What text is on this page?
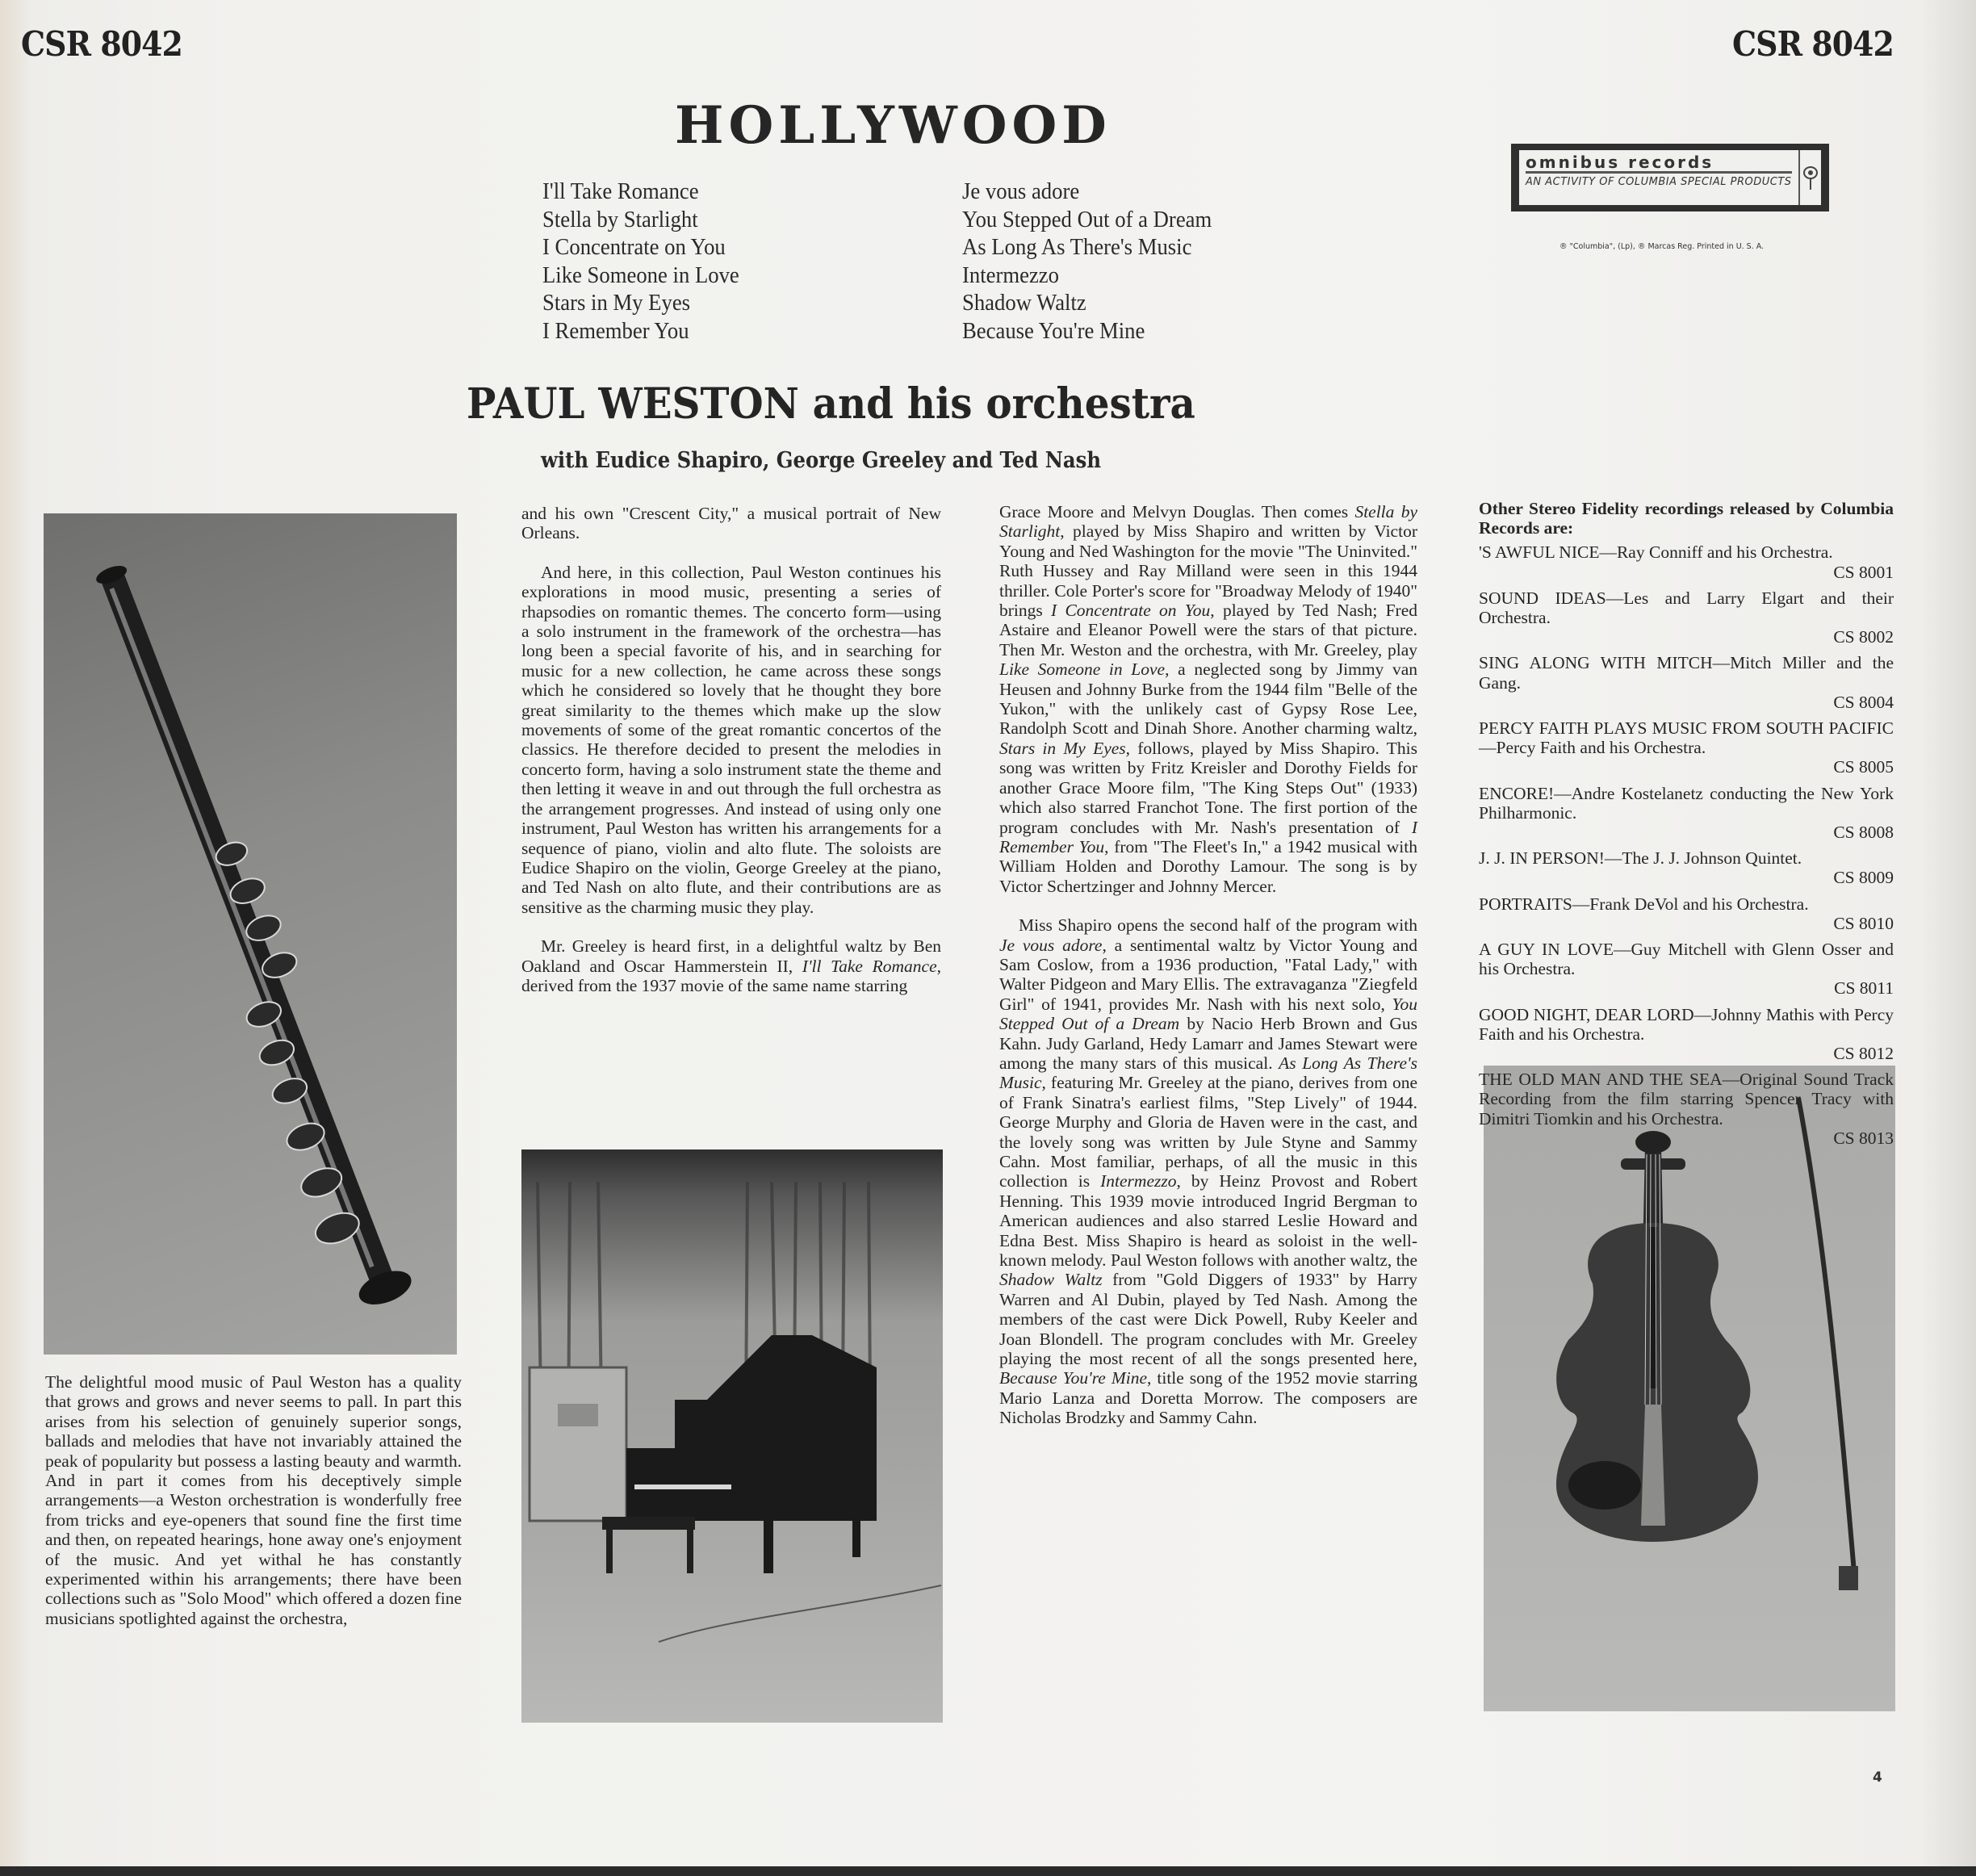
CSR 8042	CSR 8042
HOLLYWOOD
I'll Take Romance
Stella by Starlight
I Concentrate on You
Like Someone in Love
Stars in My Eyes
I Remember You
Je vous adore
You Stepped Out of a Dream
As Long As There's Music
Intermezzo
Shadow Waltz
Because You're Mine
omnibus records
AN ACTIVITY OF COLUMBIA SPECIAL PRODUCTS
® "Columbia", (Lp), ® Marcas Reg. Printed in U. S. A.
PAUL WESTON and his orchestra
with Eudice Shapiro, George Greeley and Ted Nash

The delightful mood music of Paul Weston has a quality that grows and grows and never seems to pall. In part this arises from his selection of genuinely superior songs, ballads and melodies that have not invariably attained the peak of popularity but possess a lasting beauty and warmth. And in part it comes from his deceptively simple arrangements—a Weston orchestration is wonderfully free from tricks and eye-openers that sound fine the first time and then, on repeated hearings, hone away one's enjoyment of the music. And yet withal he has constantly experimented within his arrangements; there have been collections such as "Solo Mood" which offered a dozen fine musicians spotlighted against the orchestra,

and his own "Crescent City," a musical portrait of New Orleans.

And here, in this collection, Paul Weston continues his explorations in mood music, presenting a series of rhapsodies on romantic themes. The concerto form—using a solo instrument in the framework of the orchestra—has long been a special favorite of his, and in searching for music for a new collection, he came across these songs which he considered so lovely that he thought they bore great similarity to the themes which make up the slow movements of some of the great romantic concertos of the classics. He therefore decided to present the melodies in concerto form, having a solo instrument state the theme and then letting it weave in and out through the full orchestra as the arrangement progresses. And instead of using only one instrument, Paul Weston has written his arrangements for a sequence of piano, violin and alto flute. The soloists are Eudice Shapiro on the violin, George Greeley at the piano, and Ted Nash on alto flute, and their contributions are as sensitive as the charming music they play.

Mr. Greeley is heard first, in a delightful waltz by Ben Oakland and Oscar Hammerstein II, I'll Take Romance, derived from the 1937 movie of the same name starring

Grace Moore and Melvyn Douglas. Then comes Stella by Starlight, played by Miss Shapiro and written by Victor Young and Ned Washington for the movie "The Uninvited." Ruth Hussey and Ray Milland were seen in this 1944 thriller. Cole Porter's score for "Broadway Melody of 1940" brings I Concentrate on You, played by Ted Nash; Fred Astaire and Eleanor Powell were the stars of that picture. Then Mr. Weston and the orchestra, with Mr. Greeley, play Like Someone in Love, a neglected song by Jimmy van Heusen and Johnny Burke from the 1944 film "Belle of the Yukon," with the unlikely cast of Gypsy Rose Lee, Randolph Scott and Dinah Shore. Another charming waltz, Stars in My Eyes, follows, played by Miss Shapiro. This song was written by Fritz Kreisler and Dorothy Fields for another Grace Moore film, "The King Steps Out" (1933) which also starred Franchot Tone. The first portion of the program concludes with Mr. Nash's presentation of I Remember You, from "The Fleet's In," a 1942 musical with William Holden and Dorothy Lamour. The song is by Victor Schertzinger and Johnny Mercer.

Miss Shapiro opens the second half of the program with Je vous adore, a sentimental waltz by Victor Young and Sam Coslow, from a 1936 production, "Fatal Lady," with Walter Pidgeon and Mary Ellis. The extravaganza "Ziegfeld Girl" of 1941, provides Mr. Nash with his next solo, You Stepped Out of a Dream by Nacio Herb Brown and Gus Kahn. Judy Garland, Hedy Lamarr and James Stewart were among the many stars of this musical. As Long As There's Music, featuring Mr. Greeley at the piano, derives from one of Frank Sinatra's earliest films, "Step Lively" of 1944. George Murphy and Gloria de Haven were in the cast, and the lovely song was written by Jule Styne and Sammy Cahn. Most familiar, perhaps, of all the music in this collection is Intermezzo, by Heinz Provost and Robert Henning. This 1939 movie introduced Ingrid Bergman to American audiences and also starred Leslie Howard and Edna Best. Miss Shapiro is heard as soloist in the well-known melody. Paul Weston follows with another waltz, the Shadow Waltz from "Gold Diggers of 1933" by Harry Warren and Al Dubin, played by Ted Nash. Among the members of the cast were Dick Powell, Ruby Keeler and Joan Blondell. The program concludes with Mr. Greeley playing the most recent of all the songs presented here, Because You're Mine, title song of the 1952 movie starring Mario Lanza and Doretta Morrow. The composers are Nicholas Brodzky and Sammy Cahn.

Other Stereo Fidelity recordings released by Columbia Records are:
'S AWFUL NICE—Ray Conniff and his Orchestra.
CS 8001
SOUND IDEAS—Les and Larry Elgart and their Orchestra.
CS 8002
SING ALONG WITH MITCH—Mitch Miller and the Gang.
CS 8004
PERCY FAITH PLAYS MUSIC FROM SOUTH PACIFIC—Percy Faith and his Orchestra.
CS 8005
ENCORE!—Andre Kostelanetz conducting the New York Philharmonic.
CS 8008
J. J. IN PERSON!—The J. J. Johnson Quintet.
CS 8009
PORTRAITS—Frank DeVol and his Orchestra.
CS 8010
A GUY IN LOVE—Guy Mitchell with Glenn Osser and his Orchestra.
CS 8011
GOOD NIGHT, DEAR LORD—Johnny Mathis with Percy Faith and his Orchestra.
CS 8012
THE OLD MAN AND THE SEA—Original Sound Track Recording from the film starring Spencer Tracy with Dimitri Tiomkin and his Orchestra.
CS 8013
4
